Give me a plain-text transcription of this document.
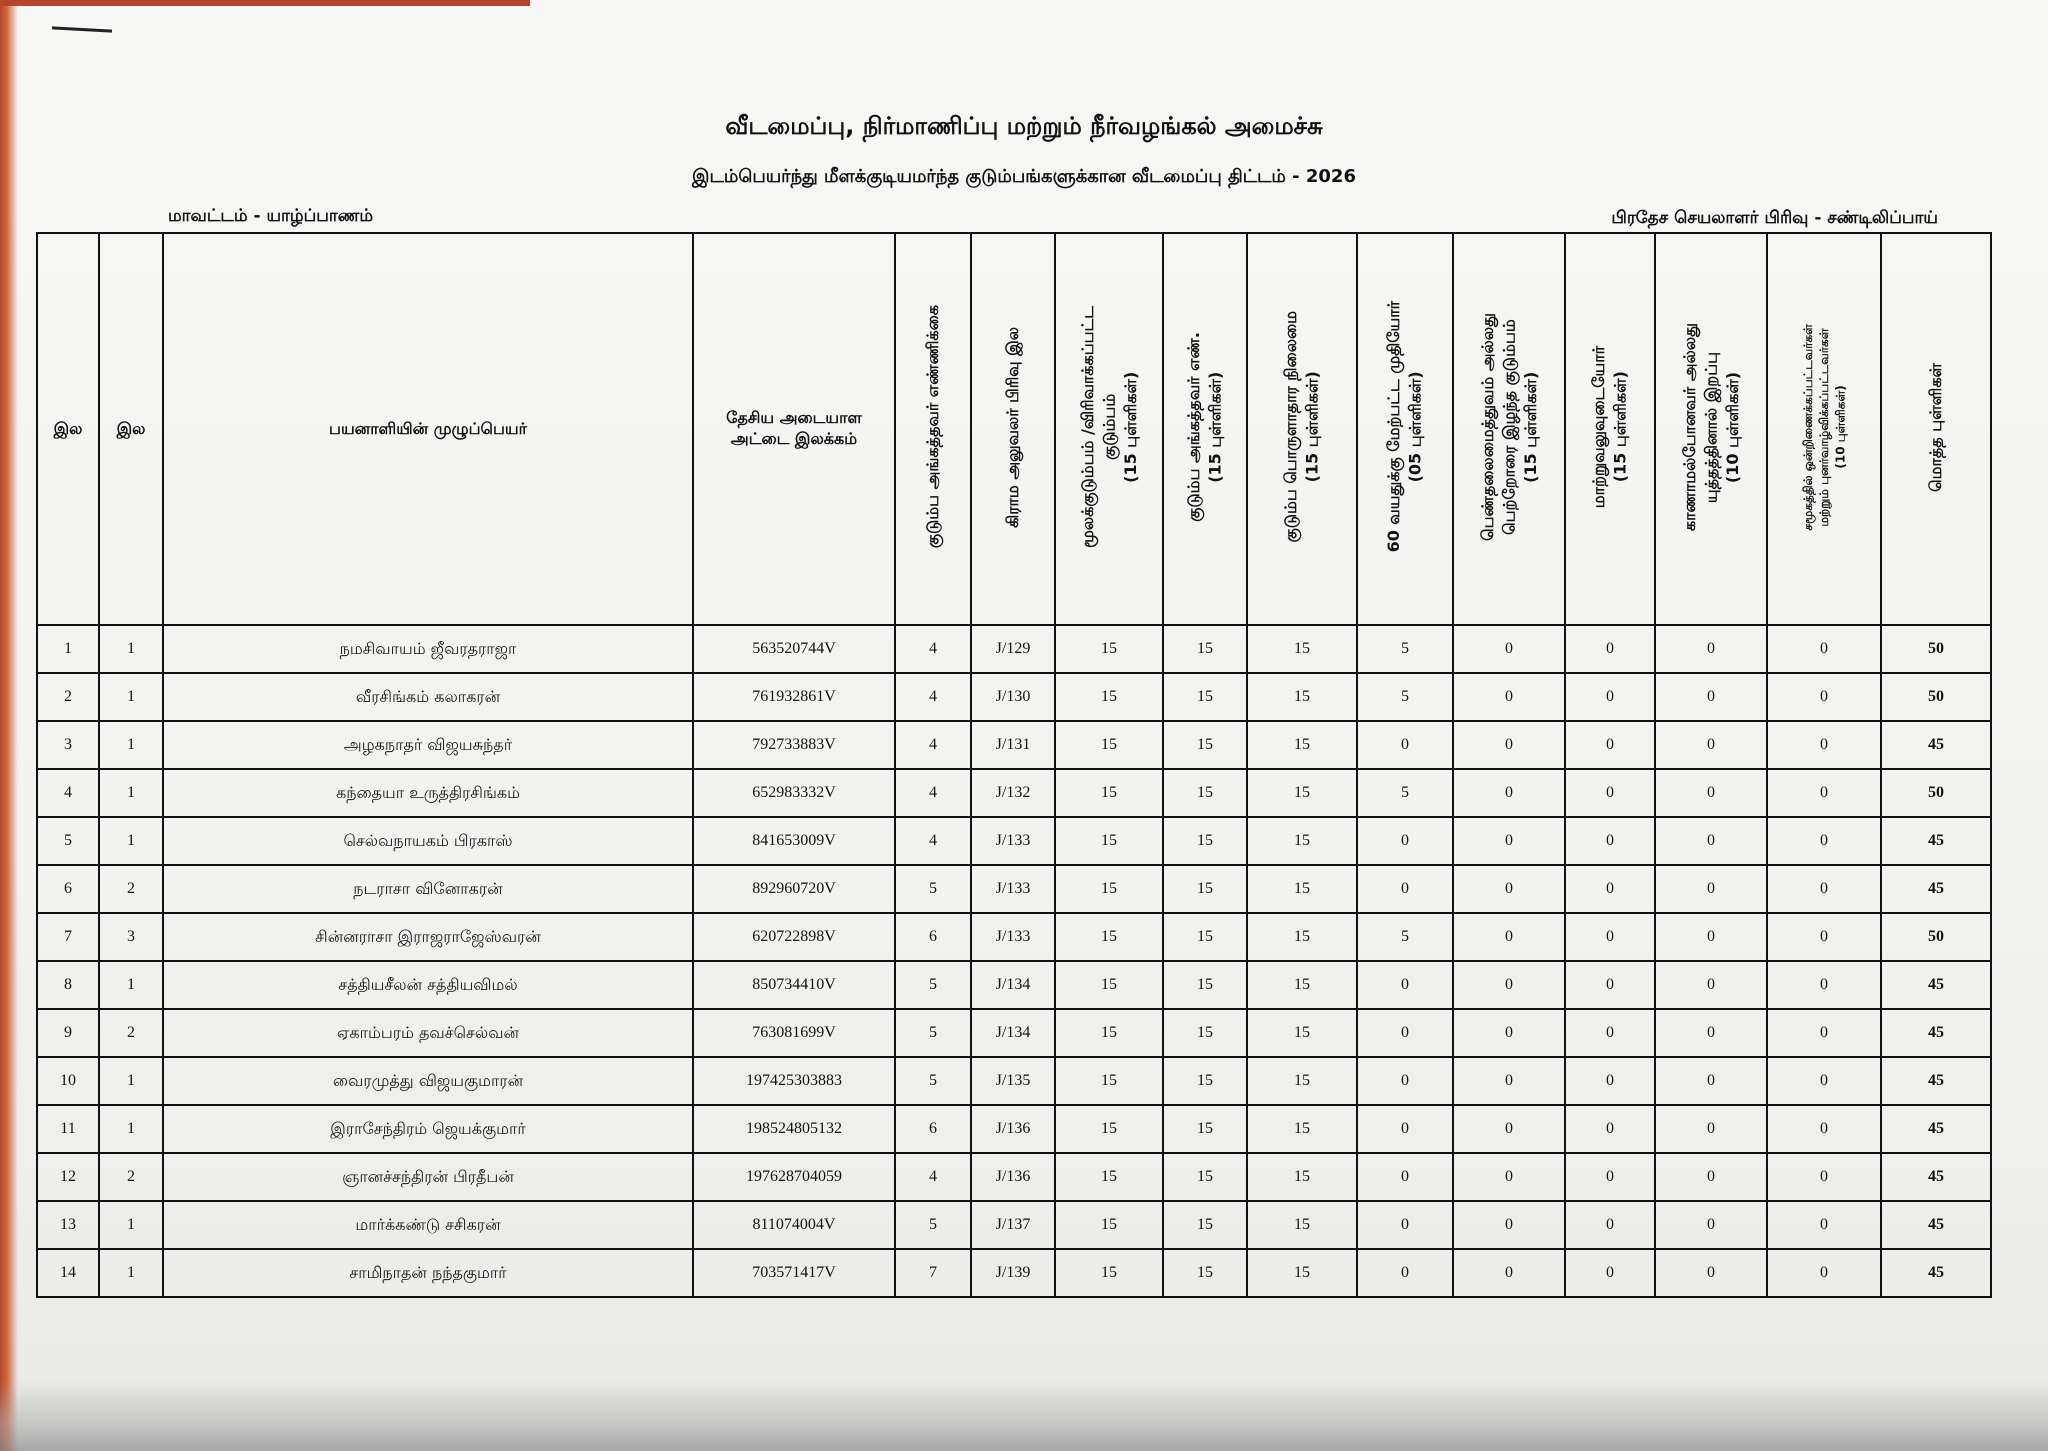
வீடமைப்பு, நிர்மாணிப்பு மற்றும் நீர்வழங்கல் அமைச்சு
இடம்பெயர்ந்து மீளக்குடியமர்ந்த குடும்பங்களுக்கான வீடமைப்பு திட்டம் - 2026
மாவட்டம் - யாழ்ப்பாணம்	பிரதேச செயலாளர் பிரிவு - சண்டிலிப்பாய்
இல	இல	பயனாளியின் முழுப்பெயர்	தேசிய அடையாள
அட்டை இலக்கம்	குடும்ப அங்கத்தவர் எண்ணிக்கை	கிராம அலுவலர் பிரிவு இல	மூலக்குடும்பம் /விரிவாக்கப்பட்ட
குடும்பம்
(15 புள்ளிகள்)	குடும்ப அங்கத்தவர் எண்.
(15 புள்ளிகள்)	குடும்ப பொருளாதார நிலைமை
(15 புள்ளிகள்)	60 வயதுக்கு மேற்பட்ட முதியோர்
(05 புள்ளிகள்)	பெண்தலைமைத்துவம் அல்லது
பெற்றோரை இழந்த குடும்பம்
(15 புள்ளிகள்)	மாற்றுவலுவுடையோர்
(15 புள்ளிகள்)	காணாமல்போனவர் அல்லது
யுத்தத்தினால் இறப்பு
(10 புள்ளிகள்)	சமூகத்தில் ஒன்றிணைக்கப்பட்டவர்கள்
மற்றும் புனர்வாழ்விக்கப்பட்டவர்கள்
(10 புள்ளிகள்)	மொத்த புள்ளிகள்
1	1	நமசிவாயம் ஜீவரதராஜா	563520744V	4	J/129	15	15	15	5	0	0	0	0	50
2	1	வீரசிங்கம் கலாகரன்	761932861V	4	J/130	15	15	15	5	0	0	0	0	50
3	1	அழகநாதர் விஜயசுந்தர்	792733883V	4	J/131	15	15	15	0	0	0	0	0	45
4	1	கந்தையா உருத்திரசிங்கம்	652983332V	4	J/132	15	15	15	5	0	0	0	0	50
5	1	செல்வநாயகம் பிரகாஸ்	841653009V	4	J/133	15	15	15	0	0	0	0	0	45
6	2	நடராசா வினோகரன்	892960720V	5	J/133	15	15	15	0	0	0	0	0	45
7	3	சின்னராசா இராஜராஜேஸ்வரன்	620722898V	6	J/133	15	15	15	5	0	0	0	0	50
8	1	சத்தியசீலன் சத்தியவிமல்	850734410V	5	J/134	15	15	15	0	0	0	0	0	45
9	2	ஏகாம்பரம் தவச்செல்வன்	763081699V	5	J/134	15	15	15	0	0	0	0	0	45
10	1	வைரமுத்து விஜயகுமாரன்	197425303883	5	J/135	15	15	15	0	0	0	0	0	45
11	1	இராசேந்திரம் ஜெயக்குமார்	198524805132	6	J/136	15	15	15	0	0	0	0	0	45
12	2	ஞானச்சந்திரன் பிரதீபன்	197628704059	4	J/136	15	15	15	0	0	0	0	0	45
13	1	மார்க்கண்டு சசிகரன்	811074004V	5	J/137	15	15	15	0	0	0	0	0	45
14	1	சாமிநாதன் நந்தகுமார்	703571417V	7	J/139	15	15	15	0	0	0	0	0	45
